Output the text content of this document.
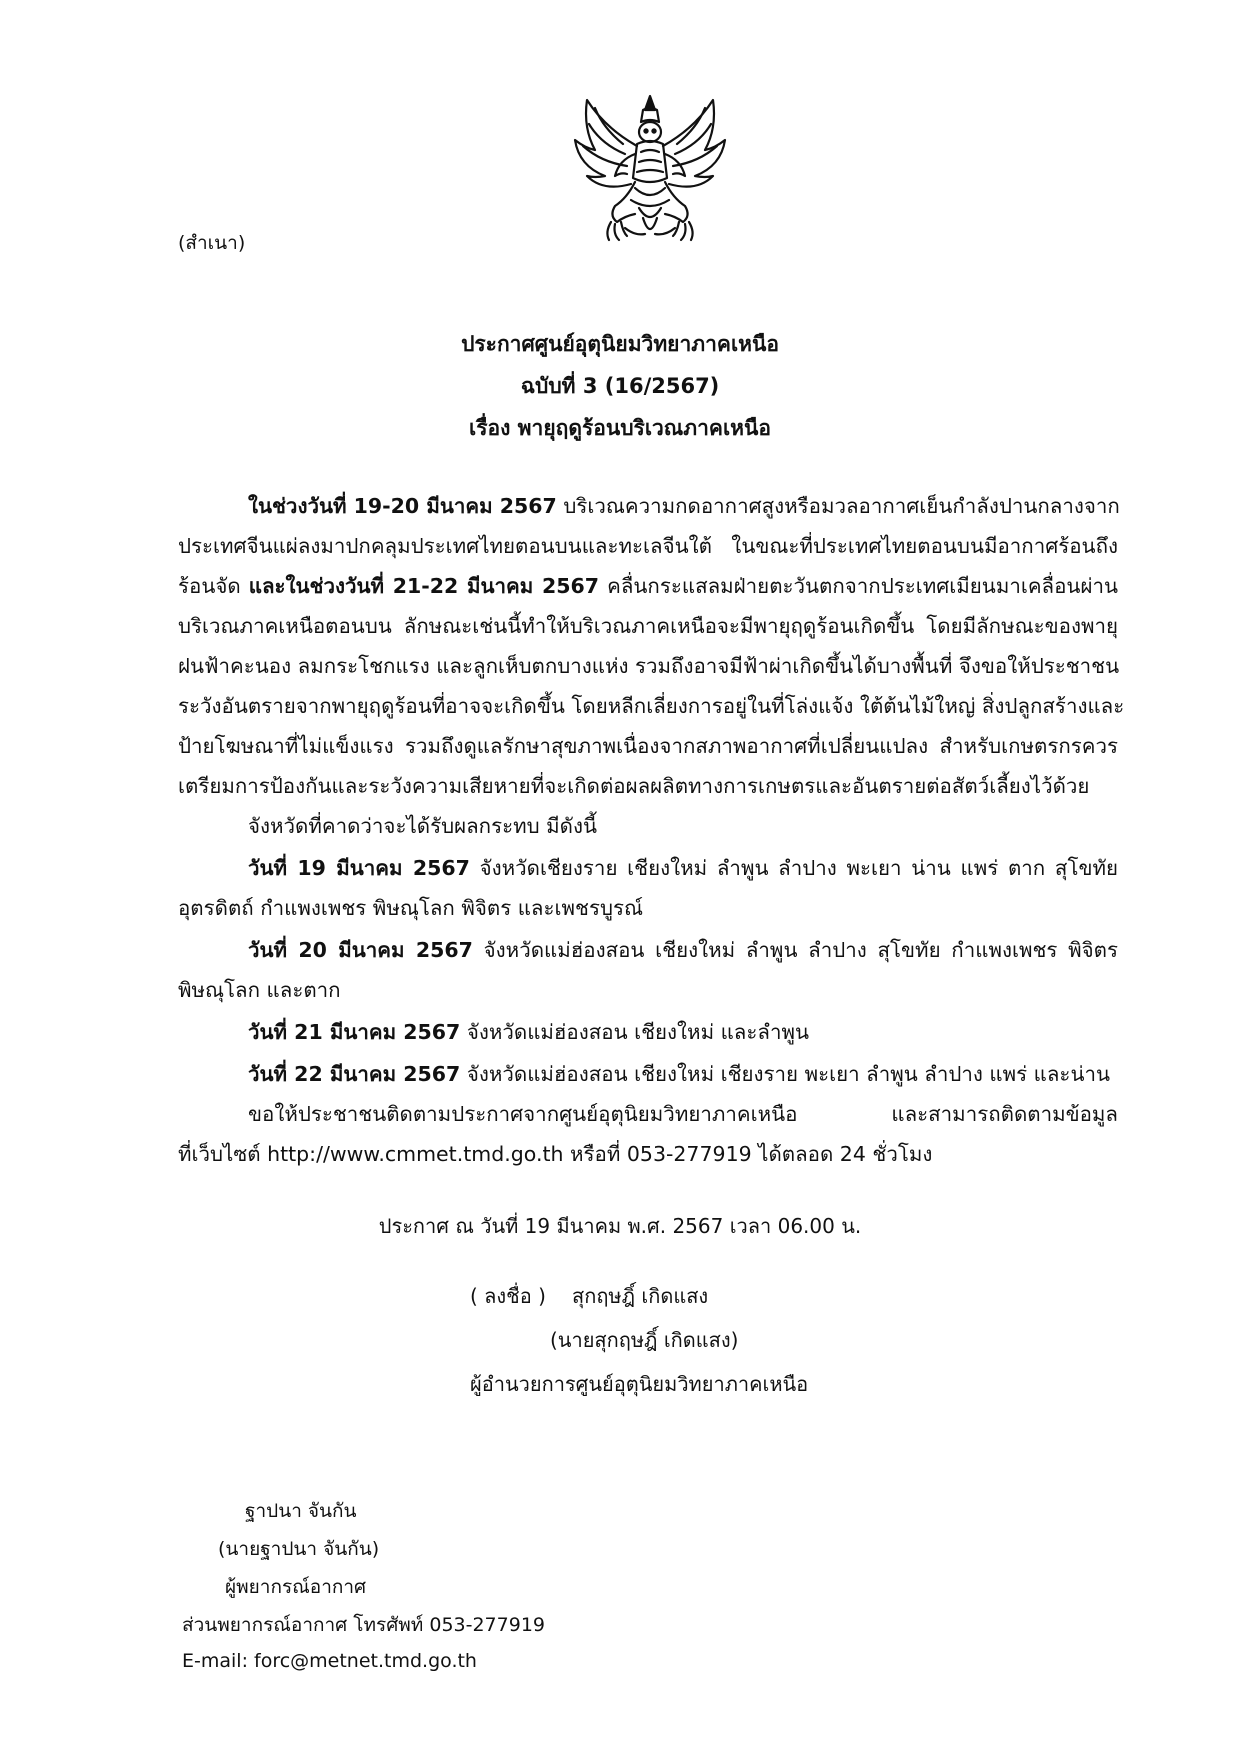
(สำเนา)
ประกาศศูนย์อุตุนิยมวิทยาภาคเหนือ
ฉบับที่ 3 (16/2567)
เรื่อง พายุฤดูร้อนบริเวณภาคเหนือ
ในช่วงวันที่ 19-20 มีนาคม 2567 บริเวณความกดอากาศสูงหรือมวลอากาศเย็นกำลังปานกลางจาก
ประเทศจีนแผ่ลงมาปกคลุมประเทศไทยตอนบนและทะเลจีนใต้ ในขณะที่ประเทศไทยตอนบนมีอากาศร้อนถึง
ร้อนจัด และในช่วงวันที่ 21-22 มีนาคม 2567 คลื่นกระแสลมฝ่ายตะวันตกจากประเทศเมียนมาเคลื่อนผ่าน
บริเวณภาคเหนือตอนบน ลักษณะเช่นนี้ทำให้บริเวณภาคเหนือจะมีพายุฤดูร้อนเกิดขึ้น โดยมีลักษณะของพายุ
ฝนฟ้าคะนอง ลมกระโชกแรง และลูกเห็บตกบางแห่ง รวมถึงอาจมีฟ้าผ่าเกิดขึ้นได้บางพื้นที่ จึงขอให้ประชาชน
ระวังอันตรายจากพายุฤดูร้อนที่อาจจะเกิดขึ้น โดยหลีกเลี่ยงการอยู่ในที่โล่งแจ้ง ใต้ต้นไม้ใหญ่ สิ่งปลูกสร้างและ
ป้ายโฆษณาที่ไม่แข็งแรง รวมถึงดูแลรักษาสุขภาพเนื่องจากสภาพอากาศที่เปลี่ยนแปลง สำหรับเกษตรกรควร
เตรียมการป้องกันและระวังความเสียหายที่จะเกิดต่อผลผลิตทางการเกษตรและอันตรายต่อสัตว์เลี้ยงไว้ด้วย
จังหวัดที่คาดว่าจะได้รับผลกระทบ มีดังนี้
วันที่ 19 มีนาคม 2567 จังหวัดเชียงราย เชียงใหม่ ลำพูน ลำปาง พะเยา น่าน แพร่ ตาก สุโขทัย
อุตรดิตถ์ กำแพงเพชร พิษณุโลก พิจิตร และเพชรบูรณ์
วันที่ 20 มีนาคม 2567 จังหวัดแม่ฮ่องสอน เชียงใหม่ ลำพูน ลำปาง สุโขทัย กำแพงเพชร พิจิตร
พิษณุโลก และตาก
วันที่ 21 มีนาคม 2567 จังหวัดแม่ฮ่องสอน เชียงใหม่ และลำพูน
วันที่ 22 มีนาคม 2567 จังหวัดแม่ฮ่องสอน เชียงใหม่ เชียงราย พะเยา ลำพูน ลำปาง แพร่ และน่าน
ขอให้ประชาชนติดตามประกาศจากศูนย์อุตุนิยมวิทยาภาคเหนือ และสามารถติดตามข้อมูล
ที่เว็บไซต์ http://www.cmmet.tmd.go.th หรือที่ 053-277919 ได้ตลอด 24 ชั่วโมง
ประกาศ ณ วันที่ 19 มีนาคม พ.ศ. 2567 เวลา 06.00 น.
( ลงชื่อ ) สุกฤษฎิ์ เกิดแสง
(นายสุกฤษฎิ์ เกิดแสง)
ผู้อำนวยการศูนย์อุตุนิยมวิทยาภาคเหนือ
ฐาปนา จันกัน
(นายฐาปนา จันกัน)
ผู้พยากรณ์อากาศ
ส่วนพยากรณ์อากาศ โทรศัพท์ 053-277919
E-mail: forc@metnet.tmd.go.th
